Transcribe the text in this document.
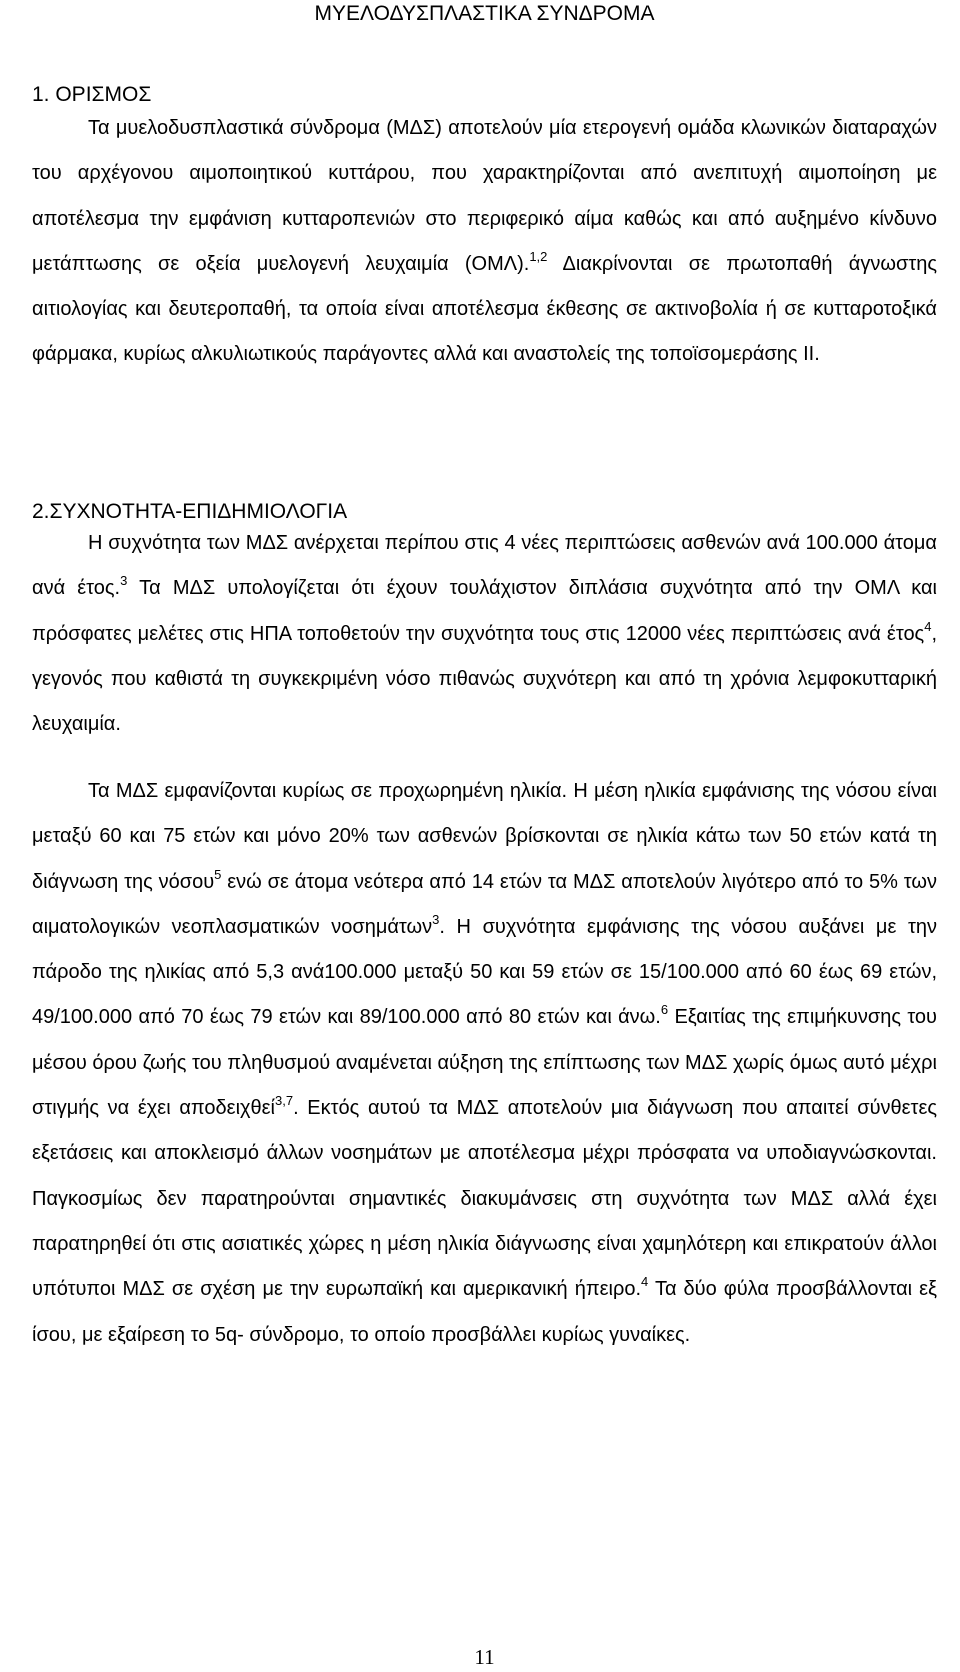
ΜΥΕΛΟΔΥΣΠΛΑΣΤΙΚΑ ΣΥΝΔΡΟΜΑ
1. ΟΡΙΣΜΟΣ

Τα μυελοδυσπλαστικά σύνδρομα (ΜΔΣ) αποτελούν μία ετερογενή ομάδα κλωνικών διαταραχών του αρχέγονου αιμοποιητικού κυττάρου, που χαρακτηρίζονται από ανεπιτυχή αιμοποίηση με αποτέλεσμα την εμφάνιση κυτταροπενιών στο περιφερικό αίμα καθώς και από αυξημένο κίνδυνο μετάπτωσης σε οξεία μυελογενή λευχαιμία (ΟΜΛ).$^{1,2}$ Διακρίνονται σε πρωτοπαθή άγνωστης αιτιολογίας και δευτεροπαθή, τα οποία είναι αποτέλεσμα έκθεσης σε ακτινοβολία ή σε κυτταροτοξικά φάρμακα, κυρίως αλκυλιωτικούς παράγοντες αλλά και αναστολείς της τοποϊσομεράσης ΙΙ.

2.ΣΥΧΝΟΤΗΤΑ-ΕΠΙΔΗΜΙΟΛΟΓΙΑ

Η συχνότητα των ΜΔΣ ανέρχεται περίπου στις 4 νέες περιπτώσεις ασθενών ανά 100.000 άτομα ανά έτος.$^3$ Τα ΜΔΣ υπολογίζεται ότι έχουν τουλάχιστον διπλάσια συχνότητα από την ΟΜΛ και πρόσφατες μελέτες στις ΗΠΑ τοποθετούν την συχνότητα τους στις 12000 νέες περιπτώσεις ανά έτος$^4$, γεγονός που καθιστά τη συγκεκριμένη νόσο πιθανώς συχνότερη και από τη χρόνια λεμφοκυτταρική λευχαιμία.

Τα ΜΔΣ εμφανίζονται κυρίως σε προχωρημένη ηλικία. Η μέση ηλικία εμφάνισης της νόσου είναι μεταξύ 60 και 75 ετών και μόνο 20% των ασθενών βρίσκονται σε ηλικία κάτω των 50 ετών κατά τη διάγνωση της νόσου$^5$ ενώ σε άτομα νεότερα από 14 ετών τα ΜΔΣ αποτελούν λιγότερο από το 5% των αιματολογικών νεοπλασματικών νοσημάτων$^3$. Η συχνότητα εμφάνισης της νόσου αυξάνει με την πάροδο της ηλικίας από 5,3 ανά100.000 μεταξύ 50 και 59 ετών σε 15/100.000 από 60 έως 69 ετών, 49/100.000 από 70 έως 79 ετών και 89/100.000 από 80 ετών και άνω.$^6$ Εξαιτίας της επιμήκυνσης του μέσου όρου ζωής του πληθυσμού αναμένεται αύξηση της επίπτωσης των ΜΔΣ χωρίς όμως αυτό μέχρι στιγμής να έχει αποδειχθεί$^{3,7}$. Εκτός αυτού τα ΜΔΣ αποτελούν μια διάγνωση που απαιτεί σύνθετες εξετάσεις και αποκλεισμό άλλων νοσημάτων με αποτέλεσμα μέχρι πρόσφατα να υποδιαγνώσκονται. Παγκοσμίως δεν παρατηρούνται σημαντικές διακυμάνσεις στη συχνότητα των ΜΔΣ αλλά έχει παρατηρηθεί ότι στις ασιατικές χώρες η μέση ηλικία διάγνωσης είναι χαμηλότερη και επικρατούν άλλοι υπότυποι ΜΔΣ σε σχέση με την ευρωπαϊκή και αμερικανική ήπειρο.$^4$ Τα δύο φύλα προσβάλλονται εξ ίσου, με εξαίρεση το 5q- σύνδρομο, το οποίο προσβάλλει κυρίως γυναίκες.

11
